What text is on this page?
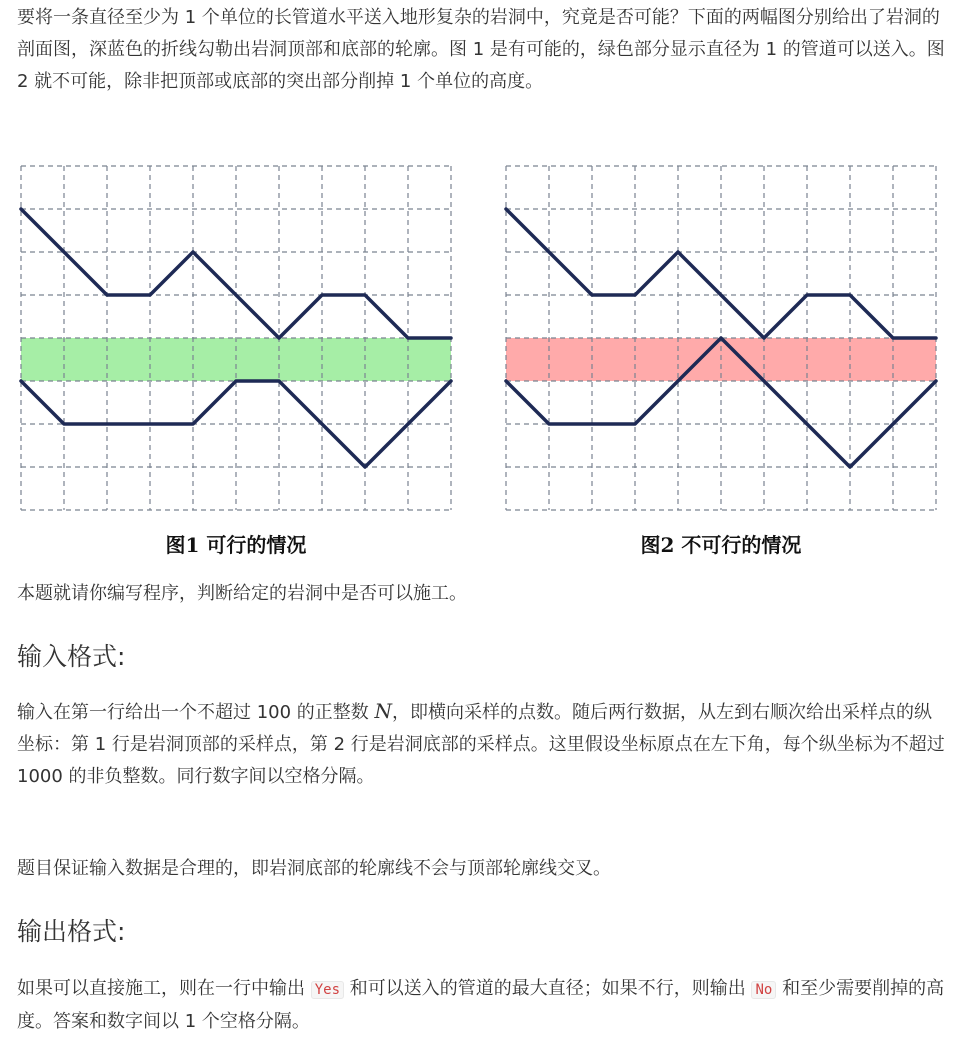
要将一条直径至少为 1 个单位的长管道水平送入地形复杂的岩洞中，究竟是否可能？下面的两幅图分别给出了岩洞的剖面图，深蓝色的折线勾勒出岩洞顶部和底部的轮廓。图 1 是有可能的，绿色部分显示直径为 1 的管道可以送入。图 2 就不可能，除非把顶部或底部的突出部分削掉 1 个单位的高度。

图1 可行的情况	图2 不可行的情况

本题就请你编写程序，判断给定的岩洞中是否可以施工。

输入格式:

输入在第一行给出一个不超过 100 的正整数 N，即横向采样的点数。随后两行数据，从左到右顺次给出采样点的纵坐标：第 1 行是岩洞顶部的采样点，第 2 行是岩洞底部的采样点。这里假设坐标原点在左下角，每个纵坐标为不超过 1000 的非负整数。同行数字间以空格分隔。

题目保证输入数据是合理的，即岩洞底部的轮廓线不会与顶部轮廓线交叉。

输出格式:

如果可以直接施工，则在一行中输出 Yes 和可以送入的管道的最大直径；如果不行，则输出 No 和至少需要削掉的高度。答案和数字间以 1 个空格分隔。
